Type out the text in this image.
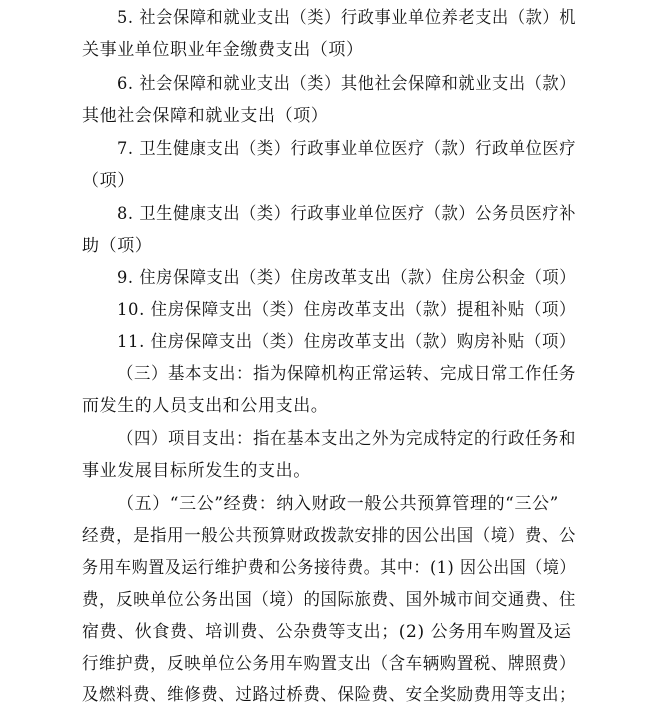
5. 社会保障和就业支出（类）行政事业单位养老支出（款）机
关事业单位职业年金缴费支出（项）
6. 社会保障和就业支出（类）其他社会保障和就业支出（款）
其他社会保障和就业支出（项）
7. 卫生健康支出（类）行政事业单位医疗（款）行政单位医疗
（项）
8. 卫生健康支出（类）行政事业单位医疗（款）公务员医疗补
助（项）
9. 住房保障支出（类）住房改革支出（款）住房公积金（项）
10. 住房保障支出（类）住房改革支出（款）提租补贴（项）
11. 住房保障支出（类）住房改革支出（款）购房补贴（项）
（三）基本支出：指为保障机构正常运转、完成日常工作任务
而发生的人员支出和公用支出。
（四）项目支出：指在基本支出之外为完成特定的行政任务和
事业发展目标所发生的支出。
（五）“三公”经费：纳入财政一般公共预算管理的“三公”
经费，是指用一般公共预算财政拨款安排的因公出国（境）费、公
务用车购置及运行维护费和公务接待费。其中：(1) 因公出国（境）
费，反映单位公务出国（境）的国际旅费、国外城市间交通费、住
宿费、伙食费、培训费、公杂费等支出；(2) 公务用车购置及运
行维护费，反映单位公务用车购置支出（含车辆购置税、牌照费）
及燃料费、维修费、过路过桥费、保险费、安全奖励费用等支出；
